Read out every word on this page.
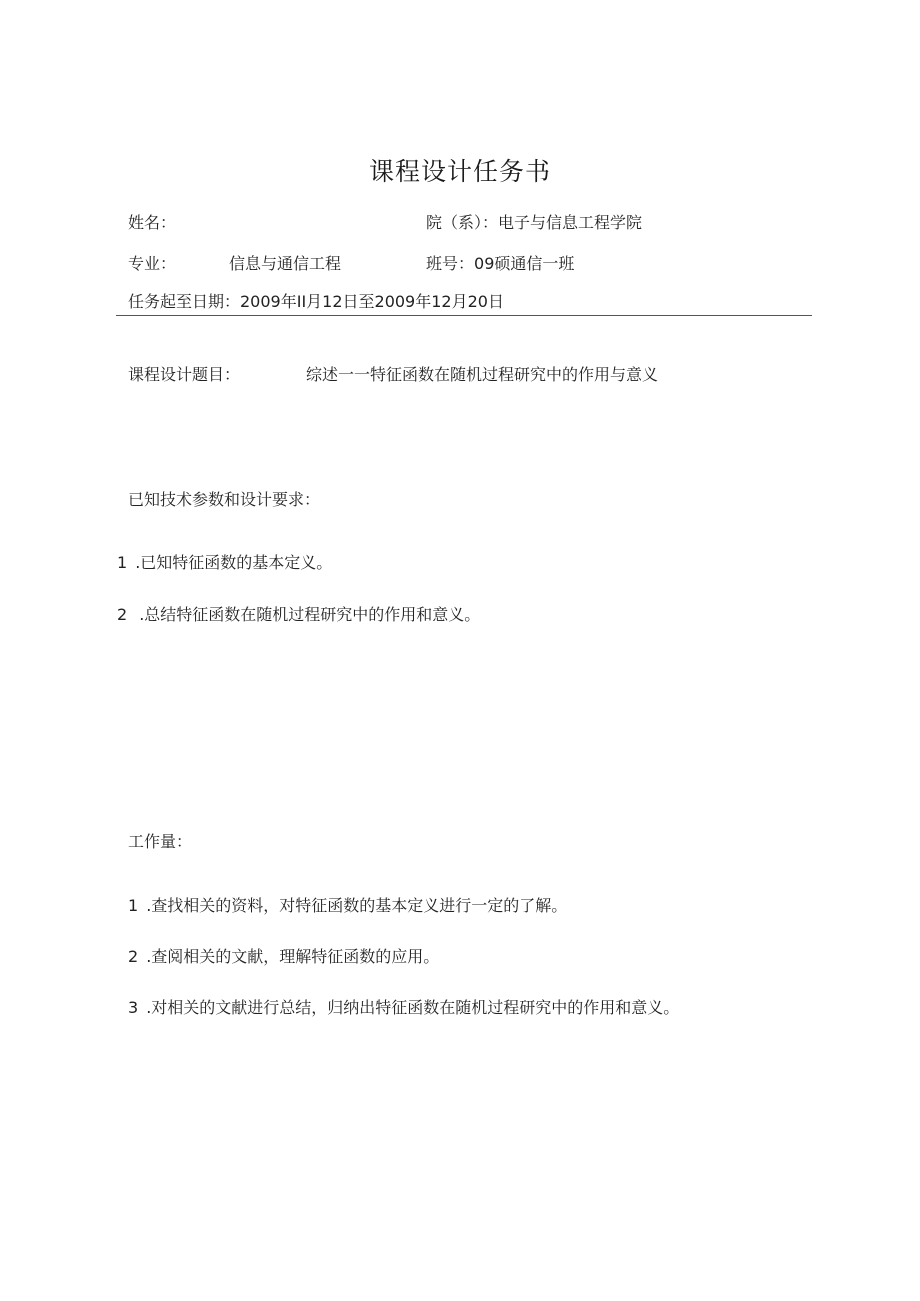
课程设计任务书
姓名：	院（系）：电子与信息工程学院
专业：	信息与通信工程	班号：09硕通信一班
任务起至日期：2009年II月12日至2009年12月20日
课程设计题目：	综述一一特征函数在随机过程研究中的作用与意义
已知技术参数和设计要求：
1 .已知特征函数的基本定义。
2 .总结特征函数在随机过程研究中的作用和意义。
工作量：
1 .查找相关的资料，对特征函数的基本定义进行一定的了解。
2 .查阅相关的文献，理解特征函数的应用。
3 .对相关的文献进行总结，归纳出特征函数在随机过程研究中的作用和意义。
